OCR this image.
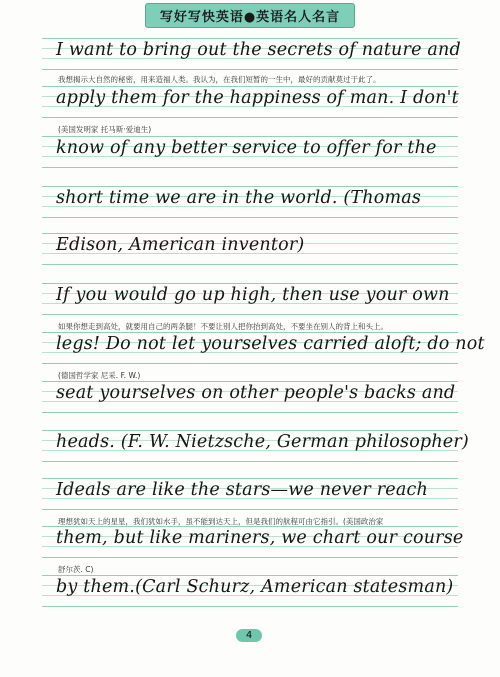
写好写快英语●英语名人名言
I want to bring out the secrets of nature and
apply them for the happiness of man. I don't
know of any better service to offer for the
short time we are in the world. (Thomas
Edison, American inventor)
If you would go up high, then use your own
legs! Do not let yourselves carried aloft; do not
seat yourselves on other people's backs and
heads. (F. W. Nietzsche, German philosopher)
Ideals are like the stars—we never reach
them, but like mariners, we chart our course
by them.(Carl Schurz, American statesman)
我想揭示大自然的秘密，用来造福人类。我认为，在我们短暂的一生中，最好的贡献莫过于此了。
(美国发明家 托马斯·爱迪生)
如果你想走到高处，就要用自己的两条腿！不要让别人把你抬到高处，不要坐在别人的背上和头上。
(德国哲学家 尼采. F. W.)
理想犹如天上的星星，我们犹如水手，虽不能到达天上，但是我们的航程可由它指引。(美国政治家
舒尔茨. C)
4
